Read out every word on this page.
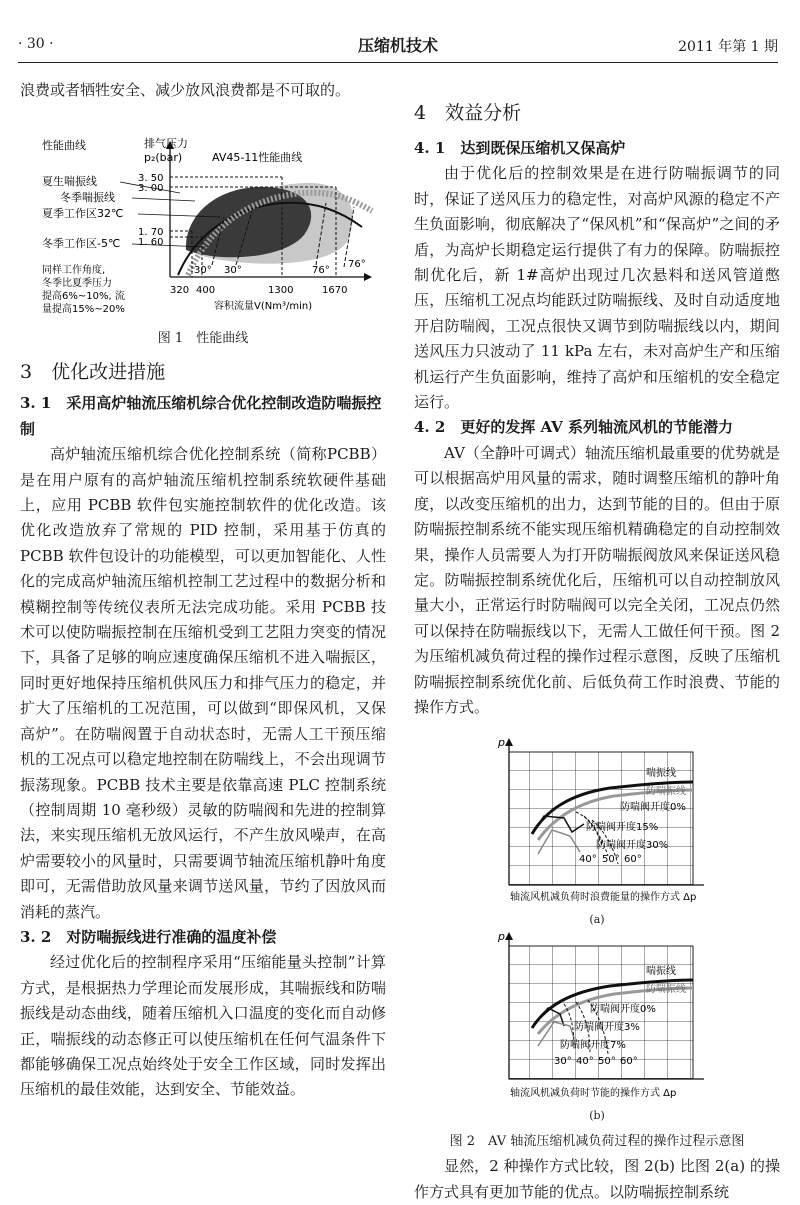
· 30 ·	压缩机技术	2011 年第 1 期

浪费或者牺牲安全、减少放风浪费都是不可取的。

性能曲线	排气压力
p₂(bar)	AV45-11性能曲线
夏生喘振线
冬季喘振线
夏季工作区32℃
冬季工作区-5℃
同样工作角度,
冬季比夏季压力
提高6%~10%, 流
量提高15%~20%
3. 50
3. 00
1. 70
1. 60
320 400	1300	1670
30° 30°	76°
76°
容积流量V(Nm³/min)
图 1　性能曲线
3　优化改进措施
3. 1　采用高炉轴流压缩机综合优化控制改造防喘振控制

高炉轴流压缩机综合优化控制系统（简称PCBB）是在用户原有的高炉轴流压缩机控制系统软硬件基础上，应用 PCBB 软件包实施控制软件的优化改造。该优化改造放弃了常规的 PID 控制，采用基于仿真的 PCBB 软件包设计的功能模型，可以更加智能化、人性化的完成高炉轴流压缩机控制工艺过程中的数据分析和模糊控制等传统仪表所无法完成功能。采用 PCBB 技术可以使防喘振控制在压缩机受到工艺阻力突变的情况下，具备了足够的响应速度确保压缩机不进入喘振区，同时更好地保持压缩机供风压力和排气压力的稳定，并扩大了压缩机的工况范围，可以做到“即保风机，又保高炉”。在防喘阀置于自动状态时，无需人工干预压缩机的工况点可以稳定地控制在防喘线上，不会出现调节振荡现象。PCBB 技术主要是依靠高速 PLC 控制系统（控制周期 10 毫秒级）灵敏的防喘阀和先进的控制算法，来实现压缩机无放风运行，不产生放风噪声，在高炉需要较小的风量时，只需要调节轴流压缩机静叶角度即可，无需借助放风量来调节送风量，节约了因放风而消耗的蒸汽。

3. 2　对防喘振线进行准确的温度补偿

经过优化后的控制程序采用“压缩能量头控制”计算方式，是根据热力学理论而发展形成，其喘振线和防喘振线是动态曲线，随着压缩机入口温度的变化而自动修正，喘振线的动态修正可以使压缩机在任何气温条件下都能够确保工况点始终处于安全工作区域，同时发挥出压缩机的最佳效能，达到安全、节能效益。

4　效益分析
4. 1　达到既保压缩机又保高炉

由于优化后的控制效果是在进行防喘振调节的同时，保证了送风压力的稳定性，对高炉风源的稳定不产生负面影响，彻底解决了“保风机”和“保高炉”之间的矛盾，为高炉长期稳定运行提供了有力的保障。防喘振控制优化后，新 1#高炉出现过几次悬料和送风管道憋压，压缩机工况点均能跃过防喘振线、及时自动适度地开启防喘阀，工况点很快又调节到防喘振线以内，期间送风压力只波动了 11 kPa 左右，未对高炉生产和压缩机运行产生负面影响，维持了高炉和压缩机的安全稳定运行。

4. 2　更好的发挥 AV 系列轴流风机的节能潜力

AV（全静叶可调式）轴流压缩机最重要的优势就是可以根据高炉用风量的需求，随时调整压缩机的静叶角度，以改变压缩机的出力，达到节能的目的。但由于原防喘振控制系统不能实现压缩机精确稳定的自动控制效果，操作人员需要人为打开防喘振阀放风来保证送风稳定。防喘振控制系统优化后，压缩机可以自动控制放风量大小，正常运行时防喘阀可以完全关闭，工况点仍然可以保持在防喘振线以下，无需人工做任何干预。图 2 为压缩机减负荷过程的操作过程示意图，反映了压缩机防喘振控制系统优化前、后低负荷工作时浪费、节能的操作方式。

p
喘振线
防喘振线
防喘阀开度0%
防喘阀开度15%
防喘阀开度30%
40° 50° 60°
轴流风机减负荷时浪费能量的操作方式 Δp
(a)
p
喘振线
防喘振线
防喘阀开度0%
防喘阀开度3%
防喘阀开度7%
30° 40° 50° 60°
轴流风机减负荷时节能的操作方式 Δp
(b)
图 2　AV 轴流压缩机减负荷过程的操作过程示意图

显然，2 种操作方式比较，图 2(b) 比图 2(a) 的操作方式具有更加节能的优点。以防喘振控制系统
